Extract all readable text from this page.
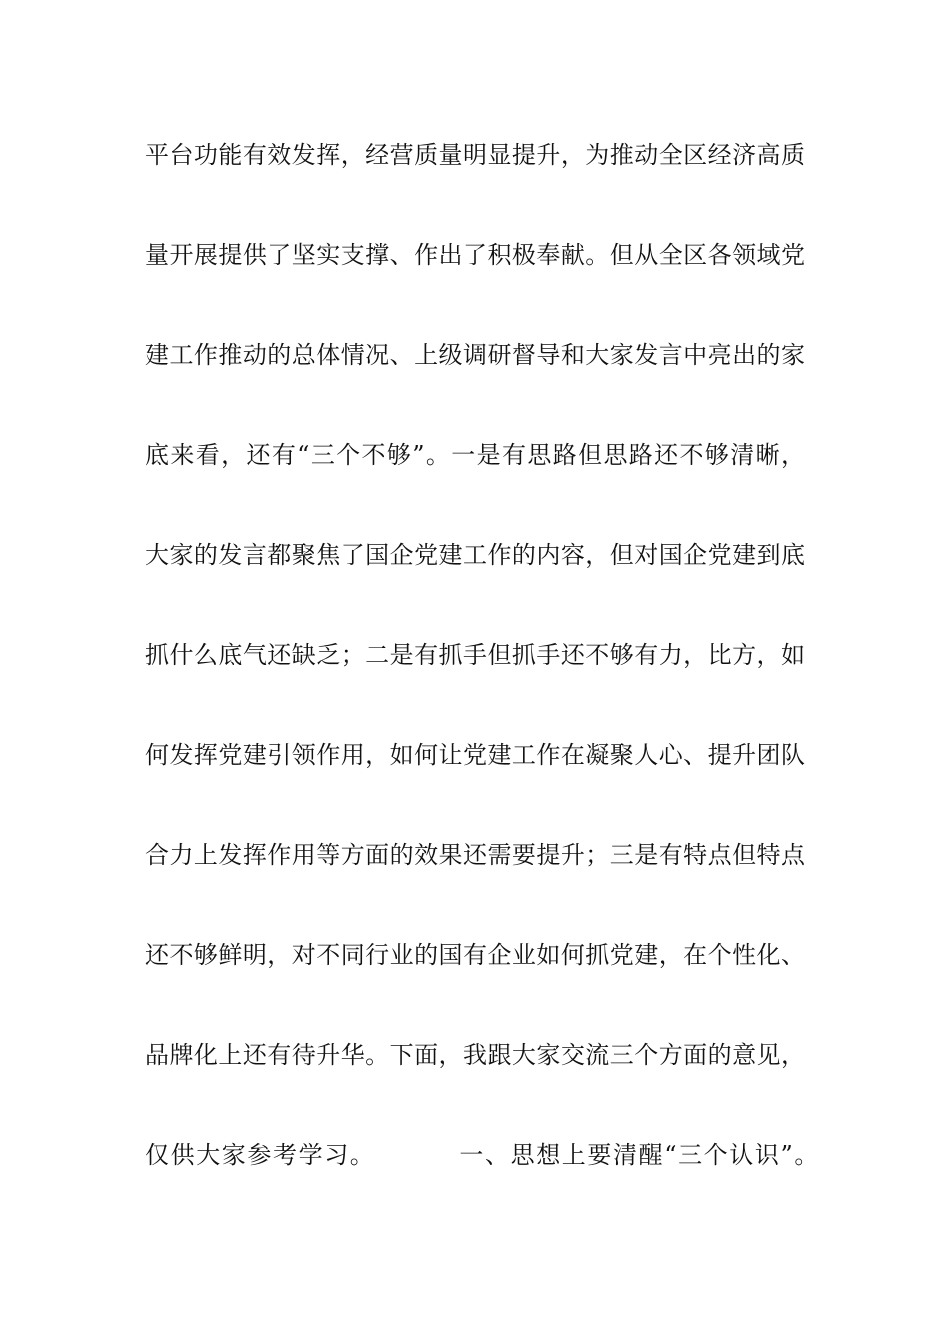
平台功能有效发挥，经营质量明显提升，为推动全区经济高质
量开展提供了坚实支撑、作出了积极奉献。但从全区各领域党
建工作推动的总体情况、上级调研督导和大家发言中亮出的家
底来看，还有“三个不够”。一是有思路但思路还不够清晰，
大家的发言都聚焦了国企党建工作的内容，但对国企党建到底
抓什么底气还缺乏；二是有抓手但抓手还不够有力，比方，如
何发挥党建引领作用，如何让党建工作在凝聚人心、提升团队
合力上发挥作用等方面的效果还需要提升；三是有特点但特点
还不够鲜明，对不同行业的国有企业如何抓党建，在个性化、
品牌化上还有待升华。下面，我跟大家交流三个方面的意见，
仅供大家参考学习。	一、思想上要清醒“三个认识”。
